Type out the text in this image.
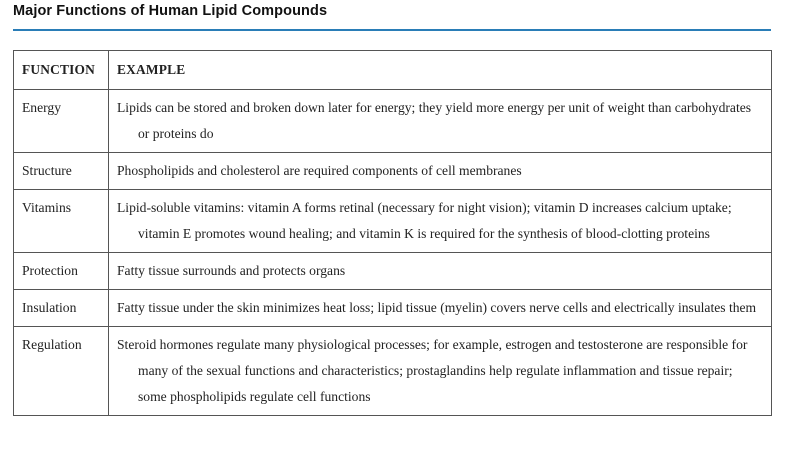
Major Functions of Human Lipid Compounds
FUNCTION	EXAMPLE
Energy	Lipids can be stored and broken down later for energy; they yield more energy per unit of weight than carbohydrates or proteins do
Structure	Phospholipids and cholesterol are required components of cell membranes
Vitamins	Lipid-soluble vitamins: vitamin A forms retinal (necessary for night vision); vitamin D increases calcium uptake; vitamin E promotes wound healing; and vitamin K is required for the synthesis of blood-clotting proteins
Protection	Fatty tissue surrounds and protects organs
Insulation	Fatty tissue under the skin minimizes heat loss; lipid tissue (myelin) covers nerve cells and electrically insulates them
Regulation	Steroid hormones regulate many physiological processes; for example, estrogen and testosterone are responsible for many of the sexual functions and characteristics; prostaglandins help regulate inflammation and tissue repair; some phospholipids regulate cell functions
